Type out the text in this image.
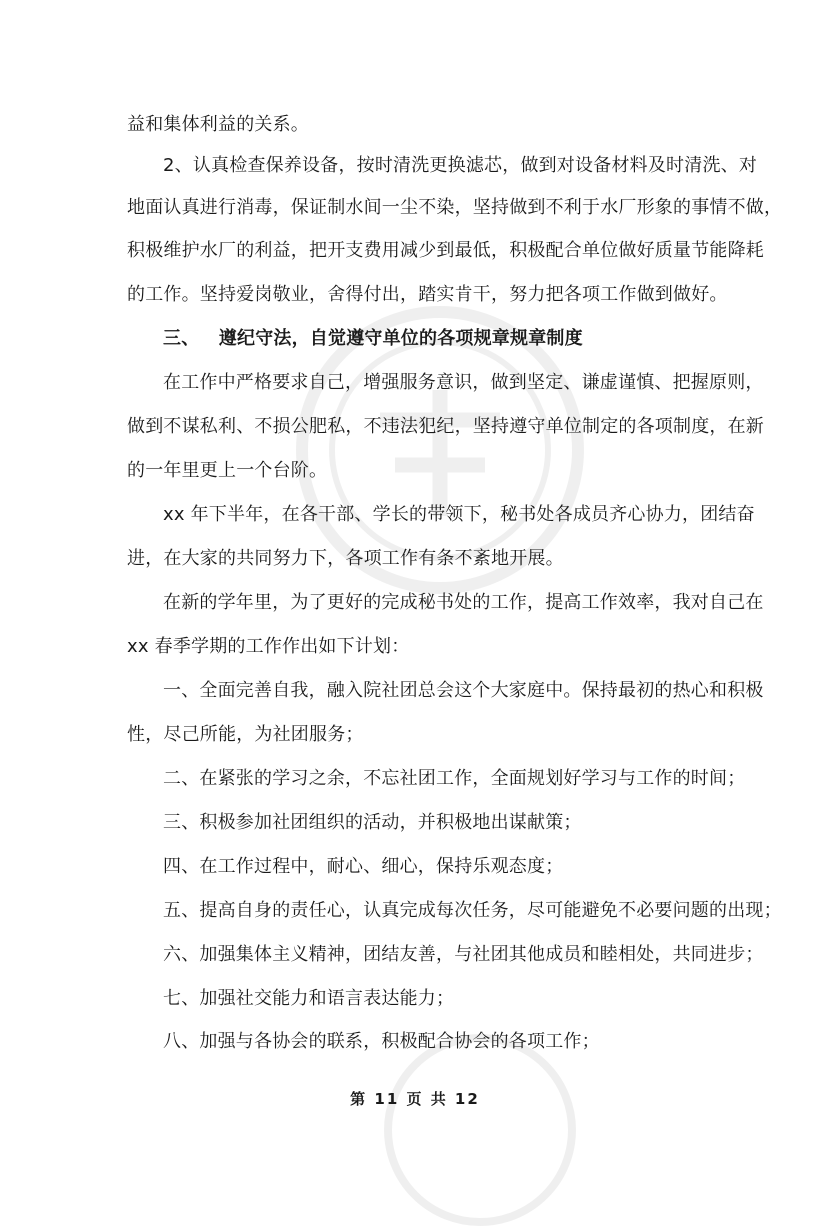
益和集体利益的关系。
2、认真检查保养设备，按时清洗更换滤芯，做到对设备材料及时清洗、对
地面认真进行消毒，保证制水间一尘不染，坚持做到不利于水厂形象的事情不做，
积极维护水厂的利益，把开支费用减少到最低，积极配合单位做好质量节能降耗
的工作。坚持爱岗敬业，舍得付出，踏实肯干，努力把各项工作做到做好。
三、   遵纪守法，自觉遵守单位的各项规章规章制度
在工作中严格要求自己，增强服务意识，做到坚定、谦虚谨慎、把握原则，
做到不谋私利、不损公肥私，不违法犯纪，坚持遵守单位制定的各项制度，在新
的一年里更上一个台阶。
xx 年下半年，在各干部、学长的带领下，秘书处各成员齐心协力，团结奋
进，在大家的共同努力下，各项工作有条不紊地开展。
在新的学年里，为了更好的完成秘书处的工作，提高工作效率，我对自己在
xx 春季学期的工作作出如下计划：
一、全面完善自我，融入院社团总会这个大家庭中。保持最初的热心和积极
性，尽己所能，为社团服务；
二、在紧张的学习之余，不忘社团工作，全面规划好学习与工作的时间；
三、积极参加社团组织的活动，并积极地出谋献策；
四、在工作过程中，耐心、细心，保持乐观态度；
五、提高自身的责任心，认真完成每次任务，尽可能避免不必要问题的出现；
六、加强集体主义精神，团结友善，与社团其他成员和睦相处，共同进步；
七、加强社交能力和语言表达能力；
八、加强与各协会的联系，积极配合协会的各项工作；
第 11 页 共 12
